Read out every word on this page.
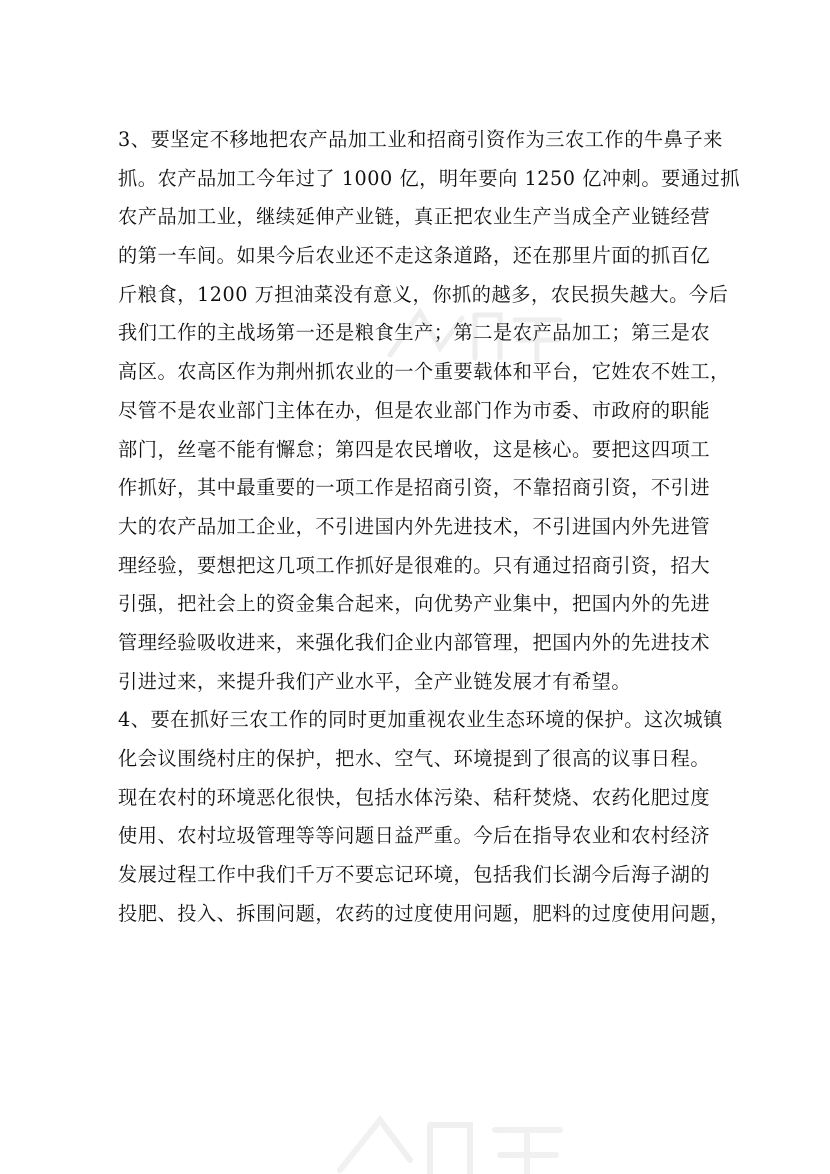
3、要坚定不移地把农产品加工业和招商引资作为三农工作的牛鼻子来
抓。农产品加工今年过了 1000 亿，明年要向 1250 亿冲刺。要通过抓
农产品加工业，继续延伸产业链，真正把农业生产当成全产业链经营
的第一车间。如果今后农业还不走这条道路，还在那里片面的抓百亿
斤粮食，1200 万担油菜没有意义，你抓的越多，农民损失越大。今后
我们工作的主战场第一还是粮食生产；第二是农产品加工；第三是农
高区。农高区作为荆州抓农业的一个重要载体和平台，它姓农不姓工，
尽管不是农业部门主体在办，但是农业部门作为市委、市政府的职能
部门，丝毫不能有懈怠；第四是农民增收，这是核心。要把这四项工
作抓好，其中最重要的一项工作是招商引资，不靠招商引资，不引进
大的农产品加工企业，不引进国内外先进技术，不引进国内外先进管
理经验，要想把这几项工作抓好是很难的。只有通过招商引资，招大
引强，把社会上的资金集合起来，向优势产业集中，把国内外的先进
管理经验吸收进来，来强化我们企业内部管理，把国内外的先进技术
引进过来，来提升我们产业水平，全产业链发展才有希望。

4、要在抓好三农工作的同时更加重视农业生态环境的保护。这次城镇
化会议围绕村庄的保护，把水、空气、环境提到了很高的议事日程。
现在农村的环境恶化很快，包括水体污染、秸秆焚烧、农药化肥过度
使用、农村垃圾管理等等问题日益严重。今后在指导农业和农村经济
发展过程工作中我们千万不要忘记环境，包括我们长湖今后海子湖的
投肥、投入、拆围问题，农药的过度使用问题，肥料的过度使用问题，
